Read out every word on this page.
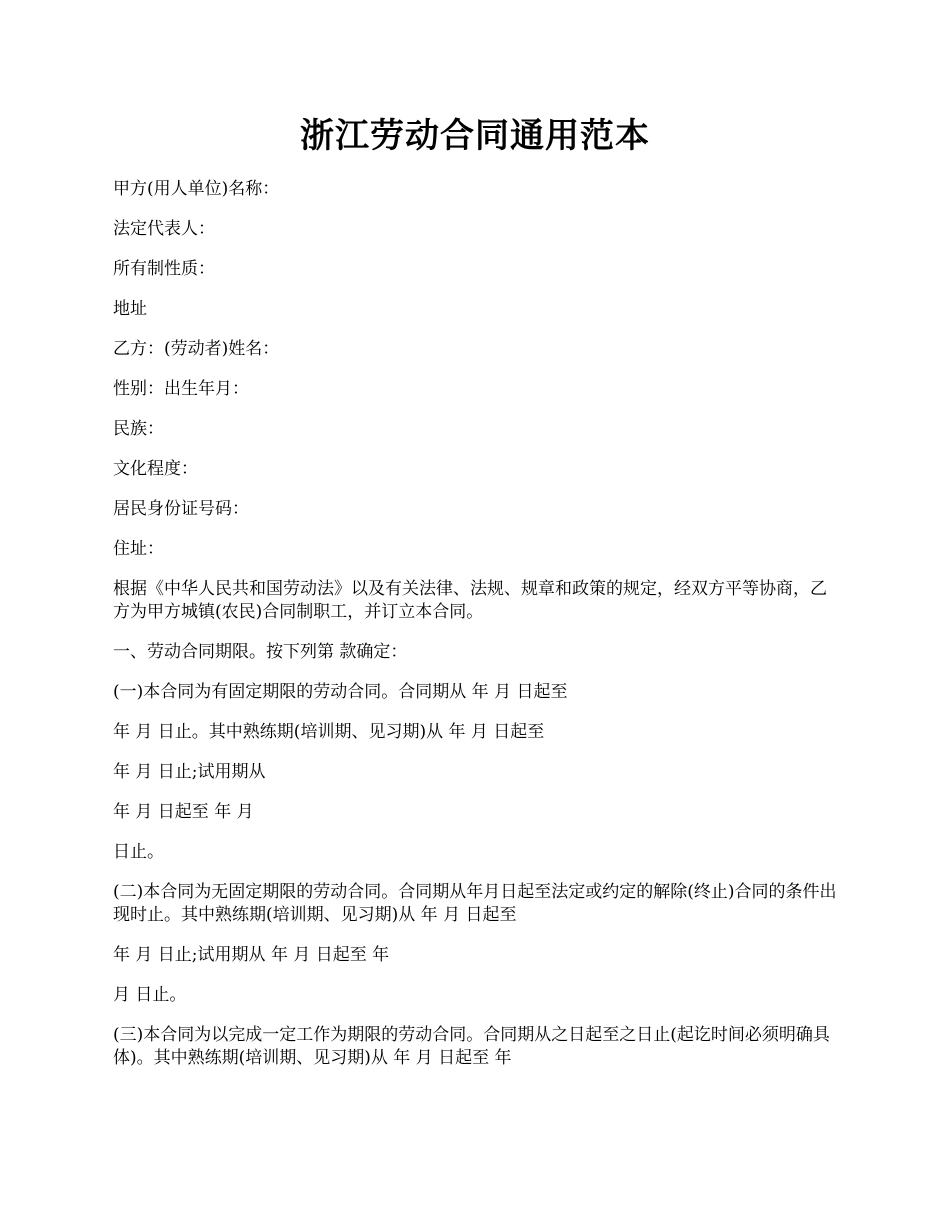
浙江劳动合同通用范本

甲方(用人单位)名称：

法定代表人：

所有制性质：

地址

乙方：(劳动者)姓名：

性别：出生年月：

民族：

文化程度：

居民身份证号码：

住址：

根据《中华人民共和国劳动法》以及有关法律、法规、规章和政策的规定，经双方平等协商，乙方为甲方城镇(农民)合同制职工，并订立本合同。

一、劳动合同期限。按下列第 款确定：

(一)本合同为有固定期限的劳动合同。合同期从 年 月 日起至

年 月 日止。其中熟练期(培训期、见习期)从 年 月 日起至

年 月 日止;试用期从

年 月 日起至 年 月

日止。

(二)本合同为无固定期限的劳动合同。合同期从年月日起至法定或约定的解除(终止)合同的条件出现时止。其中熟练期(培训期、见习期)从 年 月 日起至

年 月 日止;试用期从 年 月 日起至 年

月 日止。

(三)本合同为以完成一定工作为期限的劳动合同。合同期从之日起至之日止(起讫时间必须明确具体)。其中熟练期(培训期、见习期)从 年 月 日起至 年
